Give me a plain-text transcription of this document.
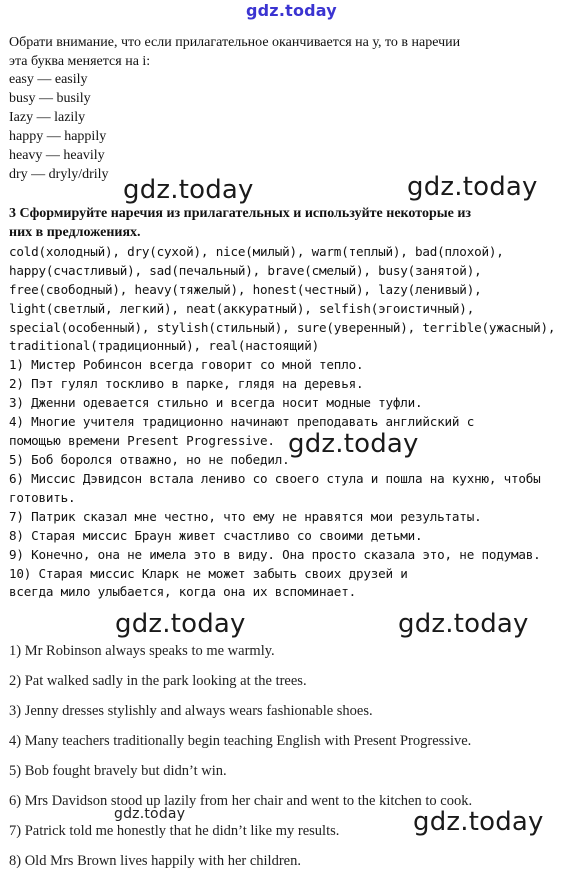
gdz.today
Обрати внимание, что если прилагательное оканчивается на у, то в наречии
эта буква меняется на i:
easy — easily
busy — busily
Iazy — lazily
happy — happily
heavy — heavily
dry — dryly/drily
gdz.today	gdz.today
3 Сформируйте наречия из прилагательных и используйте некоторые из
них в предложениях.
cold(холодный), dry(сухой), nice(милый), warm(теплый), bad(плохой),
happy(счастливый), sad(печальный), brave(смелый), busy(занятой),
free(свободный), heavy(тяжелый), honest(честный), lazy(ленивый),
light(светлый, легкий), neat(аккуратный), selfish(эгоистичный),
special(особенный), stylish(стильный), sure(уверенный), terrible(ужасный),
traditional(традиционный), real(настоящий)
1) Мистер Робинсон всегда говорит со мной тепло.
2) Пэт гулял тоскливо в парке, глядя на деревья.
3) Дженни одевается стильно и всегда носит модные туфли.
4) Многие учителя традиционно начинают преподавать английский с
помощью времени Present Progressive. gdz.today
5) Боб боролся отважно, но не победил.
6) Миссис Дэвидсон встала лениво со своего стула и пошла на кухню, чтобы
готовить.
7) Патрик сказал мне честно, что ему не нравятся мои результаты.
8) Старая миссис Браун живет счастливо со своими детьми.
9) Конечно, она не имела это в виду. Она просто сказала это, не подумав.
10) Старая миссис Кларк не может забыть своих друзей и
всегда мило улыбается, когда она их вспоминает.
gdz.today	gdz.today
1) Mr Robinson always speaks to me warmly.
2) Pat walked sadly in the park looking at the trees.
3) Jenny dresses stylishly and always wears fashionable shoes.
4) Many teachers traditionally begin teaching English with Present Progressive.
5) Bob fought bravely but didn’t win.
6) Mrs Davidson stood up lazily from her chair and went to the kitchen to cook.
gdz.today
7) Patrick told me honestly that he didn’t like my results.	gdz.today
8) Old Mrs Brown lives happily with her children.
